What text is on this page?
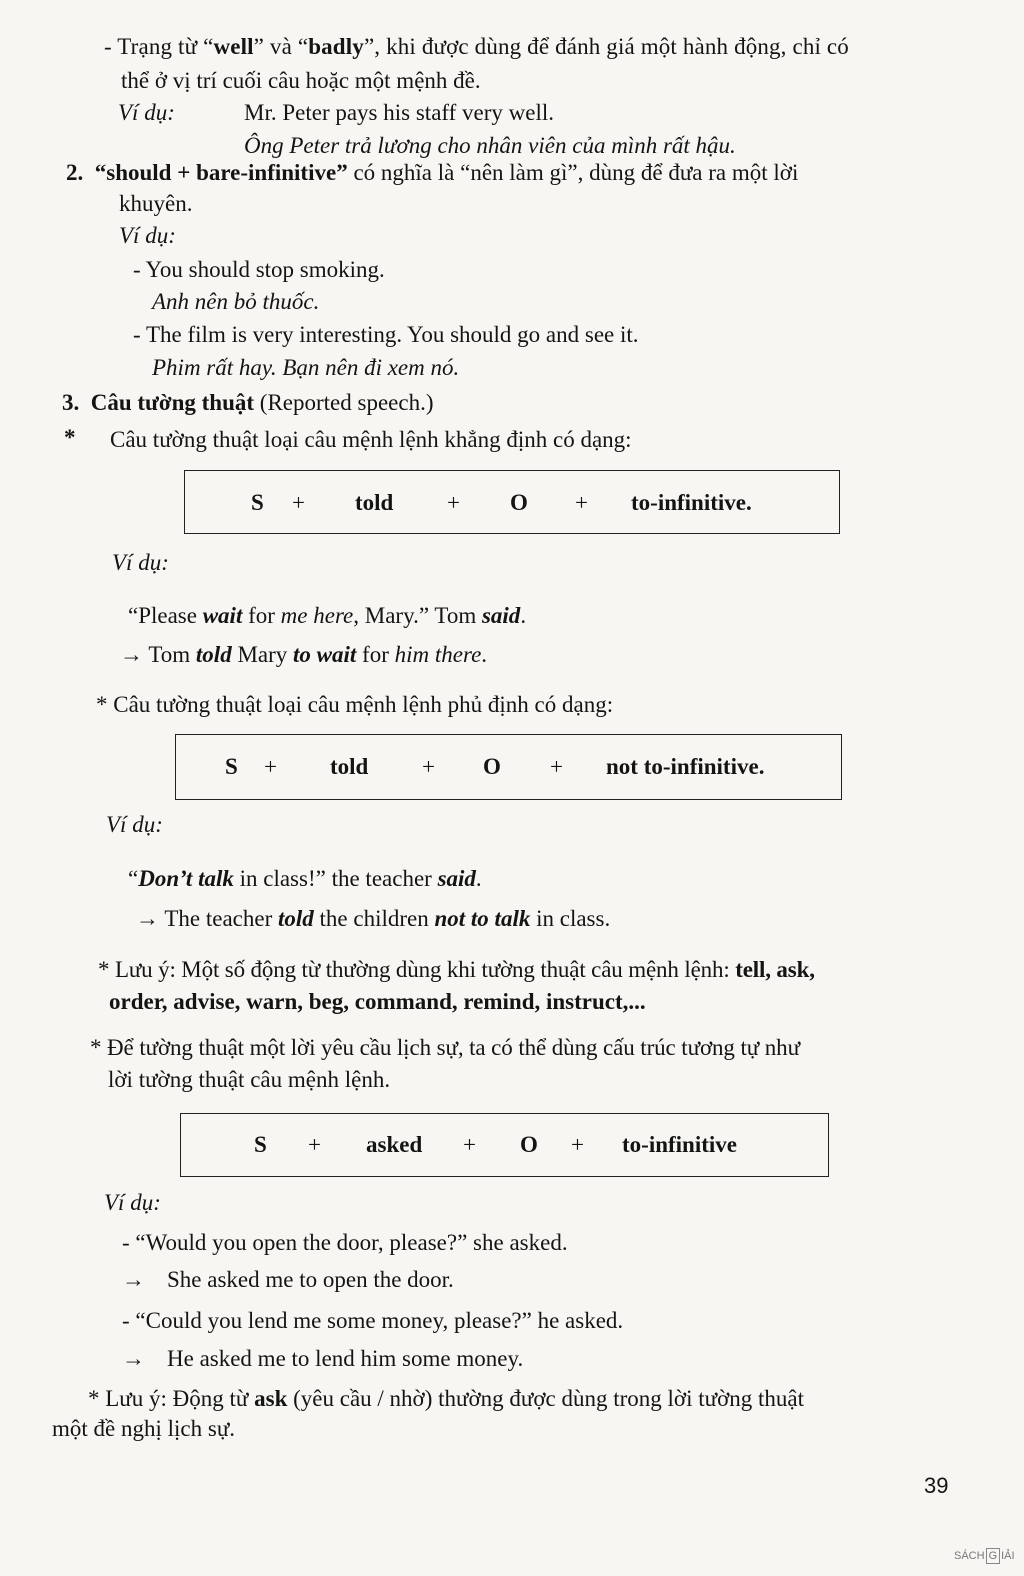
- Trạng từ “well” và “badly”, khi được dùng để đánh giá một hành động, chỉ có
thể ở vị trí cuối câu hoặc một mệnh đề.
Ví dụ:	Mr. Peter pays his staff very well.
Ông Peter trả lương cho nhân viên của mình rất hậu.
2. “should + bare-infinitive” có nghĩa là “nên làm gì”, dùng để đưa ra một lời
khuyên.
Ví dụ:
- You should stop smoking.
Anh nên bỏ thuốc.
- The film is very interesting. You should go and see it.
Phim rất hay. Bạn nên đi xem nó.
3. Câu tường thuật (Reported speech.)
* Câu tường thuật loại câu mệnh lệnh khẳng định có dạng:
S + told + O + to-infinitive.
Ví dụ:
“Please wait for me here, Mary.” Tom said.
→ Tom told Mary to wait for him there.
* Câu tường thuật loại câu mệnh lệnh phủ định có dạng:
S + told + O + not to-infinitive.
Ví dụ:
“Don’t talk in class!” the teacher said.
→ The teacher told the children not to talk in class.
* Lưu ý: Một số động từ thường dùng khi tường thuật câu mệnh lệnh: tell, ask,
order, advise, warn, beg, command, remind, instruct,...
* Để tường thuật một lời yêu cầu lịch sự, ta có thể dùng cấu trúc tương tự như
lời tường thuật câu mệnh lệnh.
S + asked + O + to-infinitive
Ví dụ:
- “Would you open the door, please?” she asked.
→ She asked me to open the door.
- “Could you lend me some money, please?” he asked.
→ He asked me to lend him some money.
* Lưu ý: Động từ ask (yêu cầu / nhờ) thường được dùng trong lời tường thuật
một đề nghị lịch sự.
39
SÁCH G IẢI
